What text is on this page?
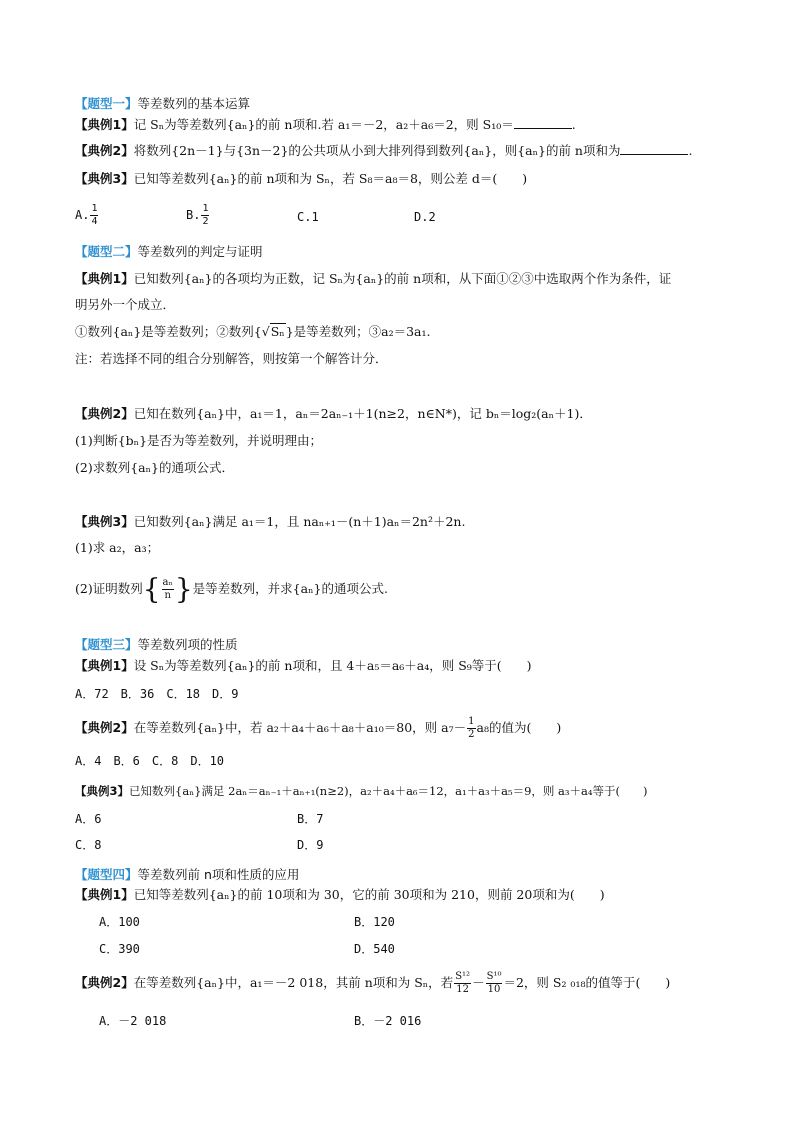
【题型一】等差数列的基本运算
【典例1】记 Sₙ为等差数列{aₙ}的前 n项和.若 a₁＝－2，a₂＋a₆＝2，则 S₁₀＝	.
【典例2】将数列{2n－1}与{3n－2}的公共项从小到大排列得到数列{aₙ}，则{aₙ}的前 n项和为	.
【典例3】已知等差数列{aₙ}的前 n项和为 Sₙ，若 S₈＝a₈＝8，则公差 d＝(　　)
A. $\frac{1}{4}$	B. $\frac{1}{2}$	C.1	D.2
【题型二】等差数列的判定与证明
【典例1】已知数列{aₙ}的各项均为正数，记 Sₙ为{aₙ}的前 n项和，从下面①②③中选取两个作为条件，证
明另外一个成立．
①数列{aₙ}是等差数列；②数列{√Sₙ}是等差数列；③a₂＝3a₁.
注：若选择不同的组合分别解答，则按第一个解答计分．
【典例2】已知在数列{aₙ}中，a₁＝1，aₙ＝2aₙ₋₁＋1(n≥2，n∈N*)，记 bₙ＝log₂(aₙ＋1)．
(1)判断{bₙ}是否为等差数列，并说明理由；
(2)求数列{aₙ}的通项公式．
【典例3】已知数列{aₙ}满足 a₁＝1，且 naₙ₊₁－(n＋1)aₙ＝2n²＋2n.
(1)求 a₂，a₃；
(2)证明数列{ $\frac{\text{aₙ}}{n}$ }是等差数列，并求{aₙ}的通项公式.
【题型三】等差数列项的性质
【典例1】设 Sₙ为等差数列{aₙ}的前 n项和，且 4＋a₅＝a₆＋a₄，则 S₉等于(　　)
A．72　B．36　C．18　D．9
【典例2】在等差数列{aₙ}中，若 a₂＋a₄＋a₆＋a₈＋a₁₀＝80，则 $a_7- \frac{1}{2} a_8$的值为(　　)
A．4　B．6　C．8　D．10
【典例3】已知数列{aₙ}满足 2aₙ＝aₙ₋₁＋aₙ₊₁(n≥2)，a₂＋a₄＋a₆＝12，a₁＋a₃＋a₅＝9，则 a₃＋a₄等于(　　)
A．6	B．7
C．8	D．9
【题型四】等差数列前 n项和性质的应用
【典例1】已知等差数列{aₙ}的前 10项和为 30，它的前 30项和为 210，则前 20项和为(　　)
A．100	B．120
C．390	D．540
【典例2】在等差数列{aₙ}中，a₁＝－2 018，其前 n项和为 Sₙ，若 $\frac{\text{S¹²}}{12} - \frac{\text{S¹⁰}}{10} =2$，则 S₂ ₀₁₈的值等于(　　)
A．－2 018	B．－2 016
